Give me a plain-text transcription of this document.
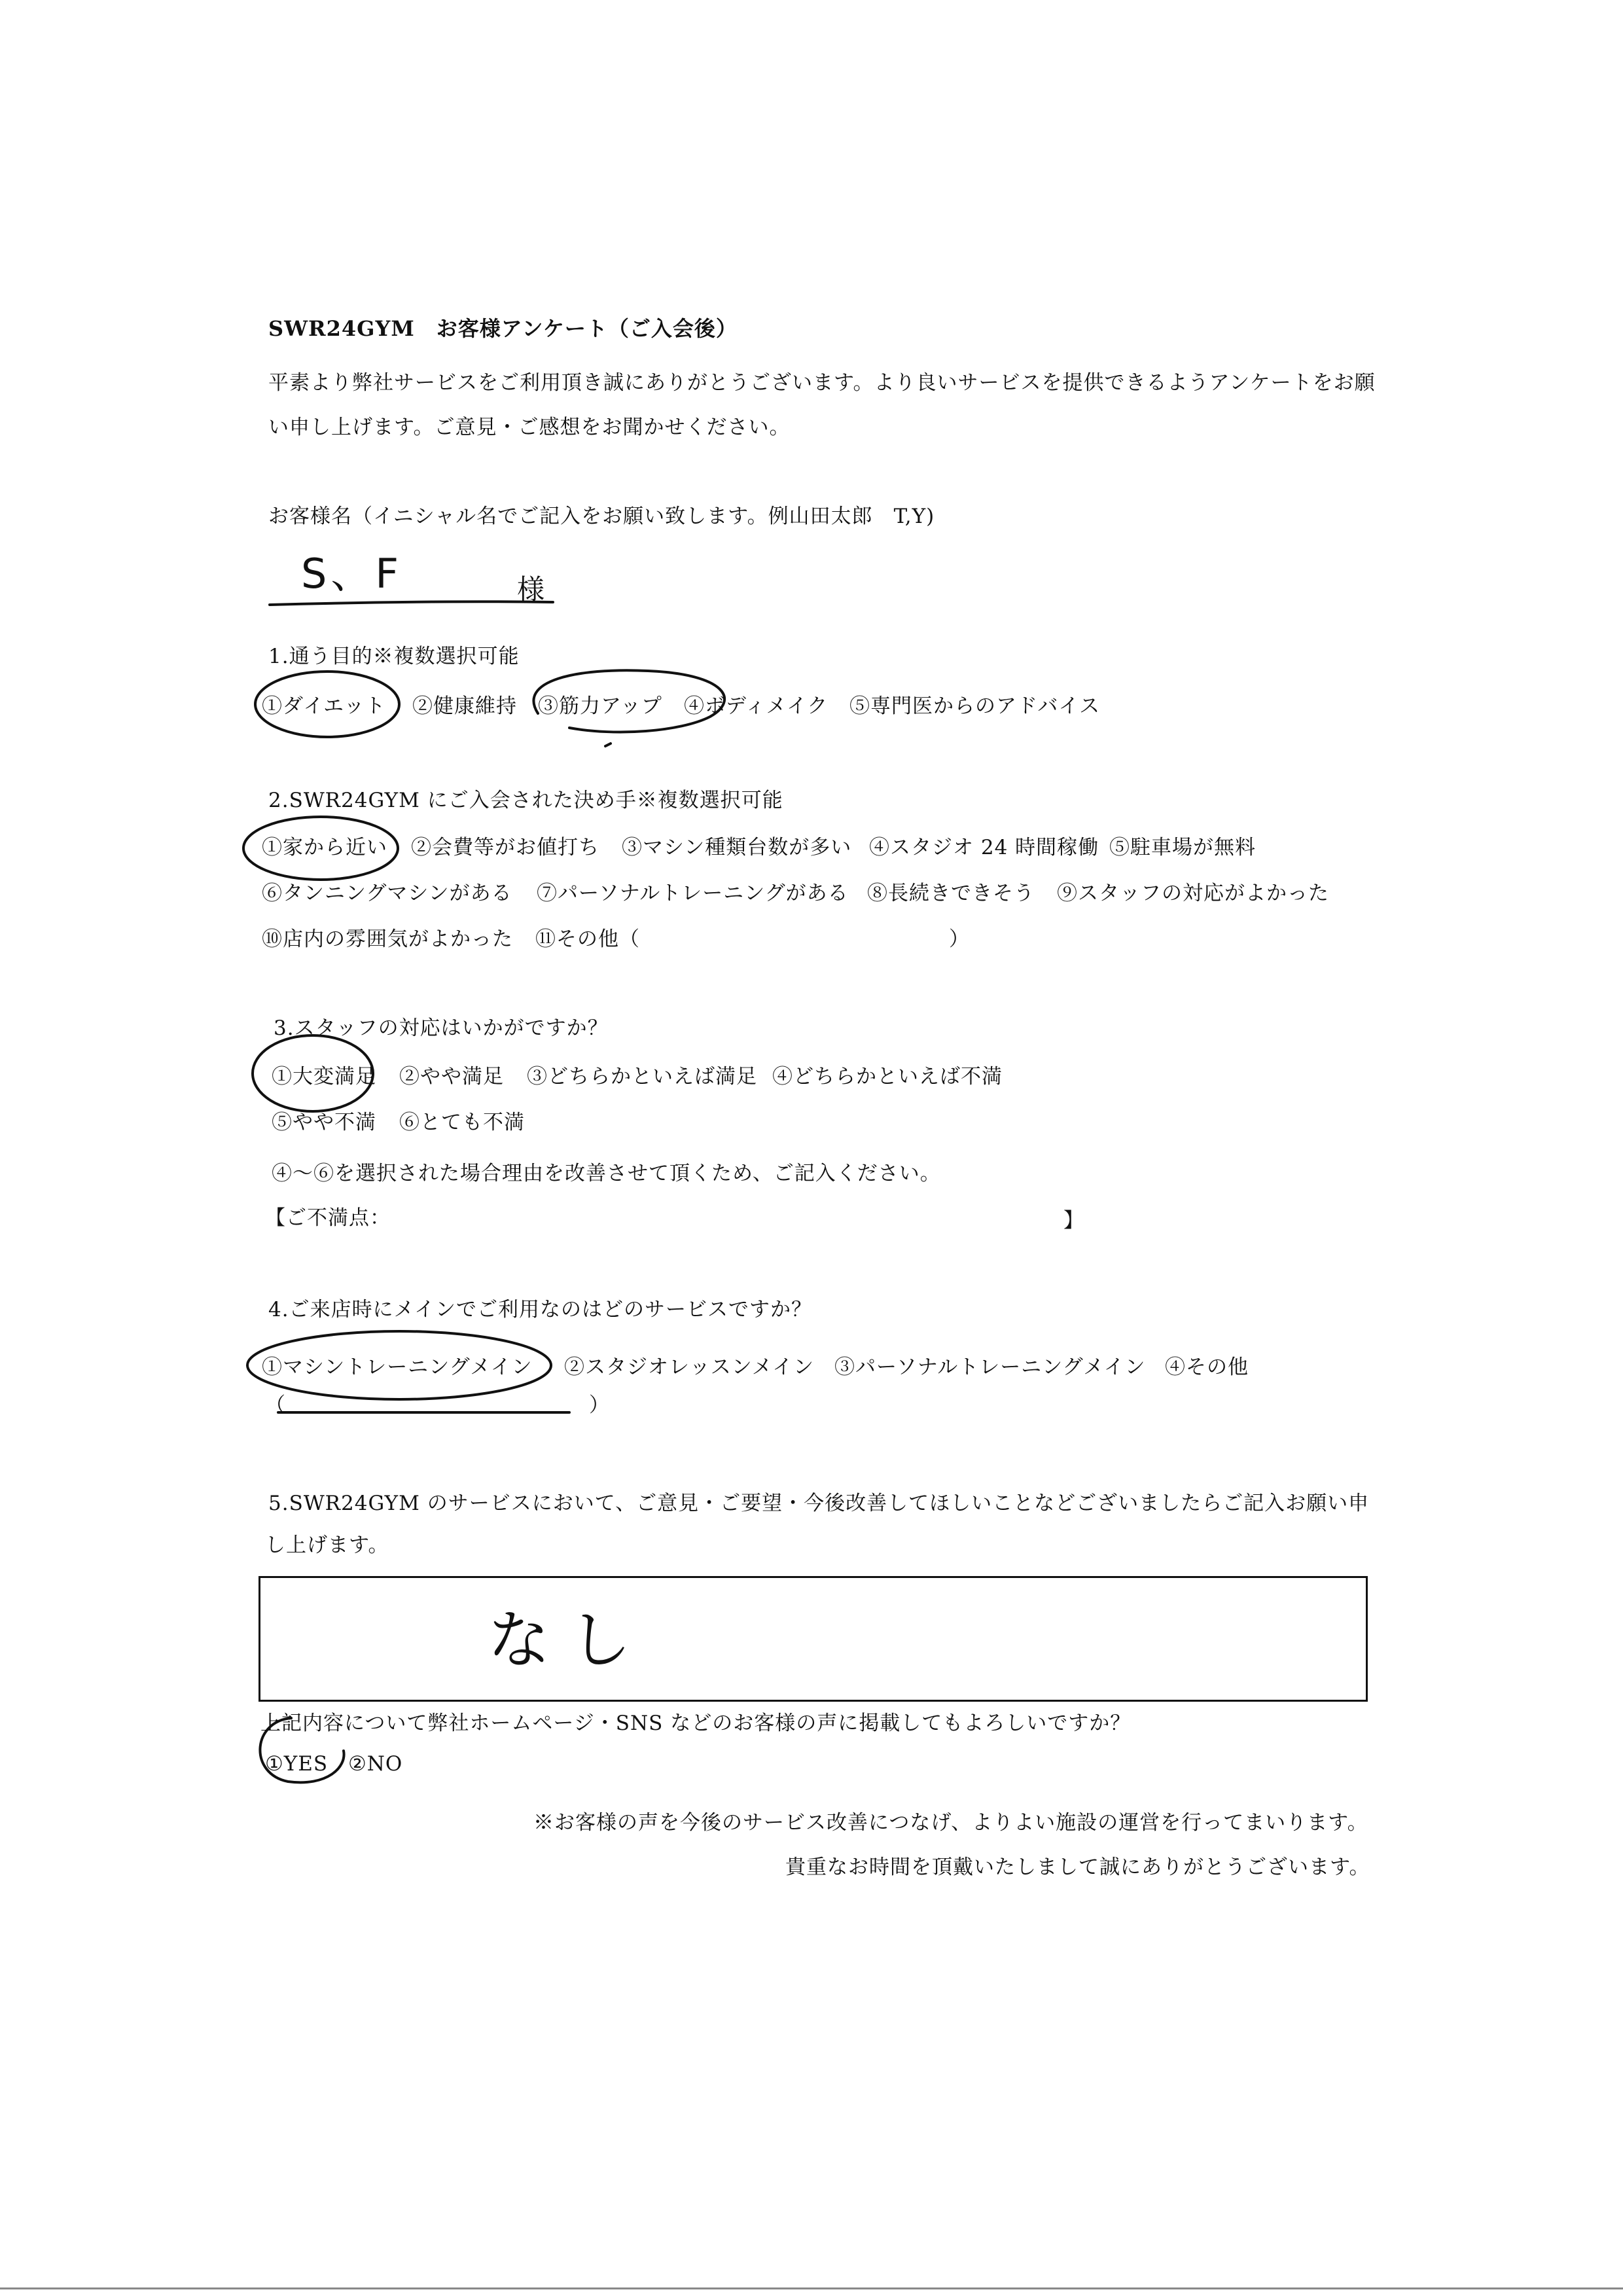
SWR24GYM　お客様アンケート（ご入会後）
平素より弊社サービスをご利用頂き誠にありがとうございます。より良いサービスを提供できるようアンケートをお願
い申し上げます。ご意見・ご感想をお聞かせください。
お客様名（イニシャル名でご記入をお願い致します。例山田太郎　T,Y)
S、F	様
1.通う目的※複数選択可能
①ダイエット ②健康維持 ③筋力アップ ④ボディメイク ⑤専門医からのアドバイス
2.SWR24GYM にご入会された決め手※複数選択可能
①家から近い ②会費等がお値打ち ③マシン種類台数が多い ④スタジオ 24 時間稼働 ⑤駐車場が無料
⑥タンニングマシンがある ⑦パーソナルトレーニングがある ⑧長続きできそう ⑨スタッフの対応がよかった
⑩店内の雰囲気がよかった ⑪その他（	）
3.スタッフの対応はいかがですか？
①大変満足 ②やや満足 ③どちらかといえば満足 ④どちらかといえば不満
⑤やや不満 ⑥とても不満
④～⑥を選択された場合理由を改善させて頂くため、ご記入ください。
【ご不満点：	】
4.ご来店時にメインでご利用なのはどのサービスですか？
①マシントレーニングメイン ②スタジオレッスンメイン ③パーソナルトレーニングメイン ④その他
（	）
5.SWR24GYM のサービスにおいて、ご意見・ご要望・今後改善してほしいことなどございましたらご記入お願い申
し上げます。
なし
上記内容について弊社ホームページ・SNS などのお客様の声に掲載してもよろしいですか？
①YES ②NO
※お客様の声を今後のサービス改善につなげ、よりよい施設の運営を行ってまいります。
貴重なお時間を頂戴いたしまして誠にありがとうございます。
